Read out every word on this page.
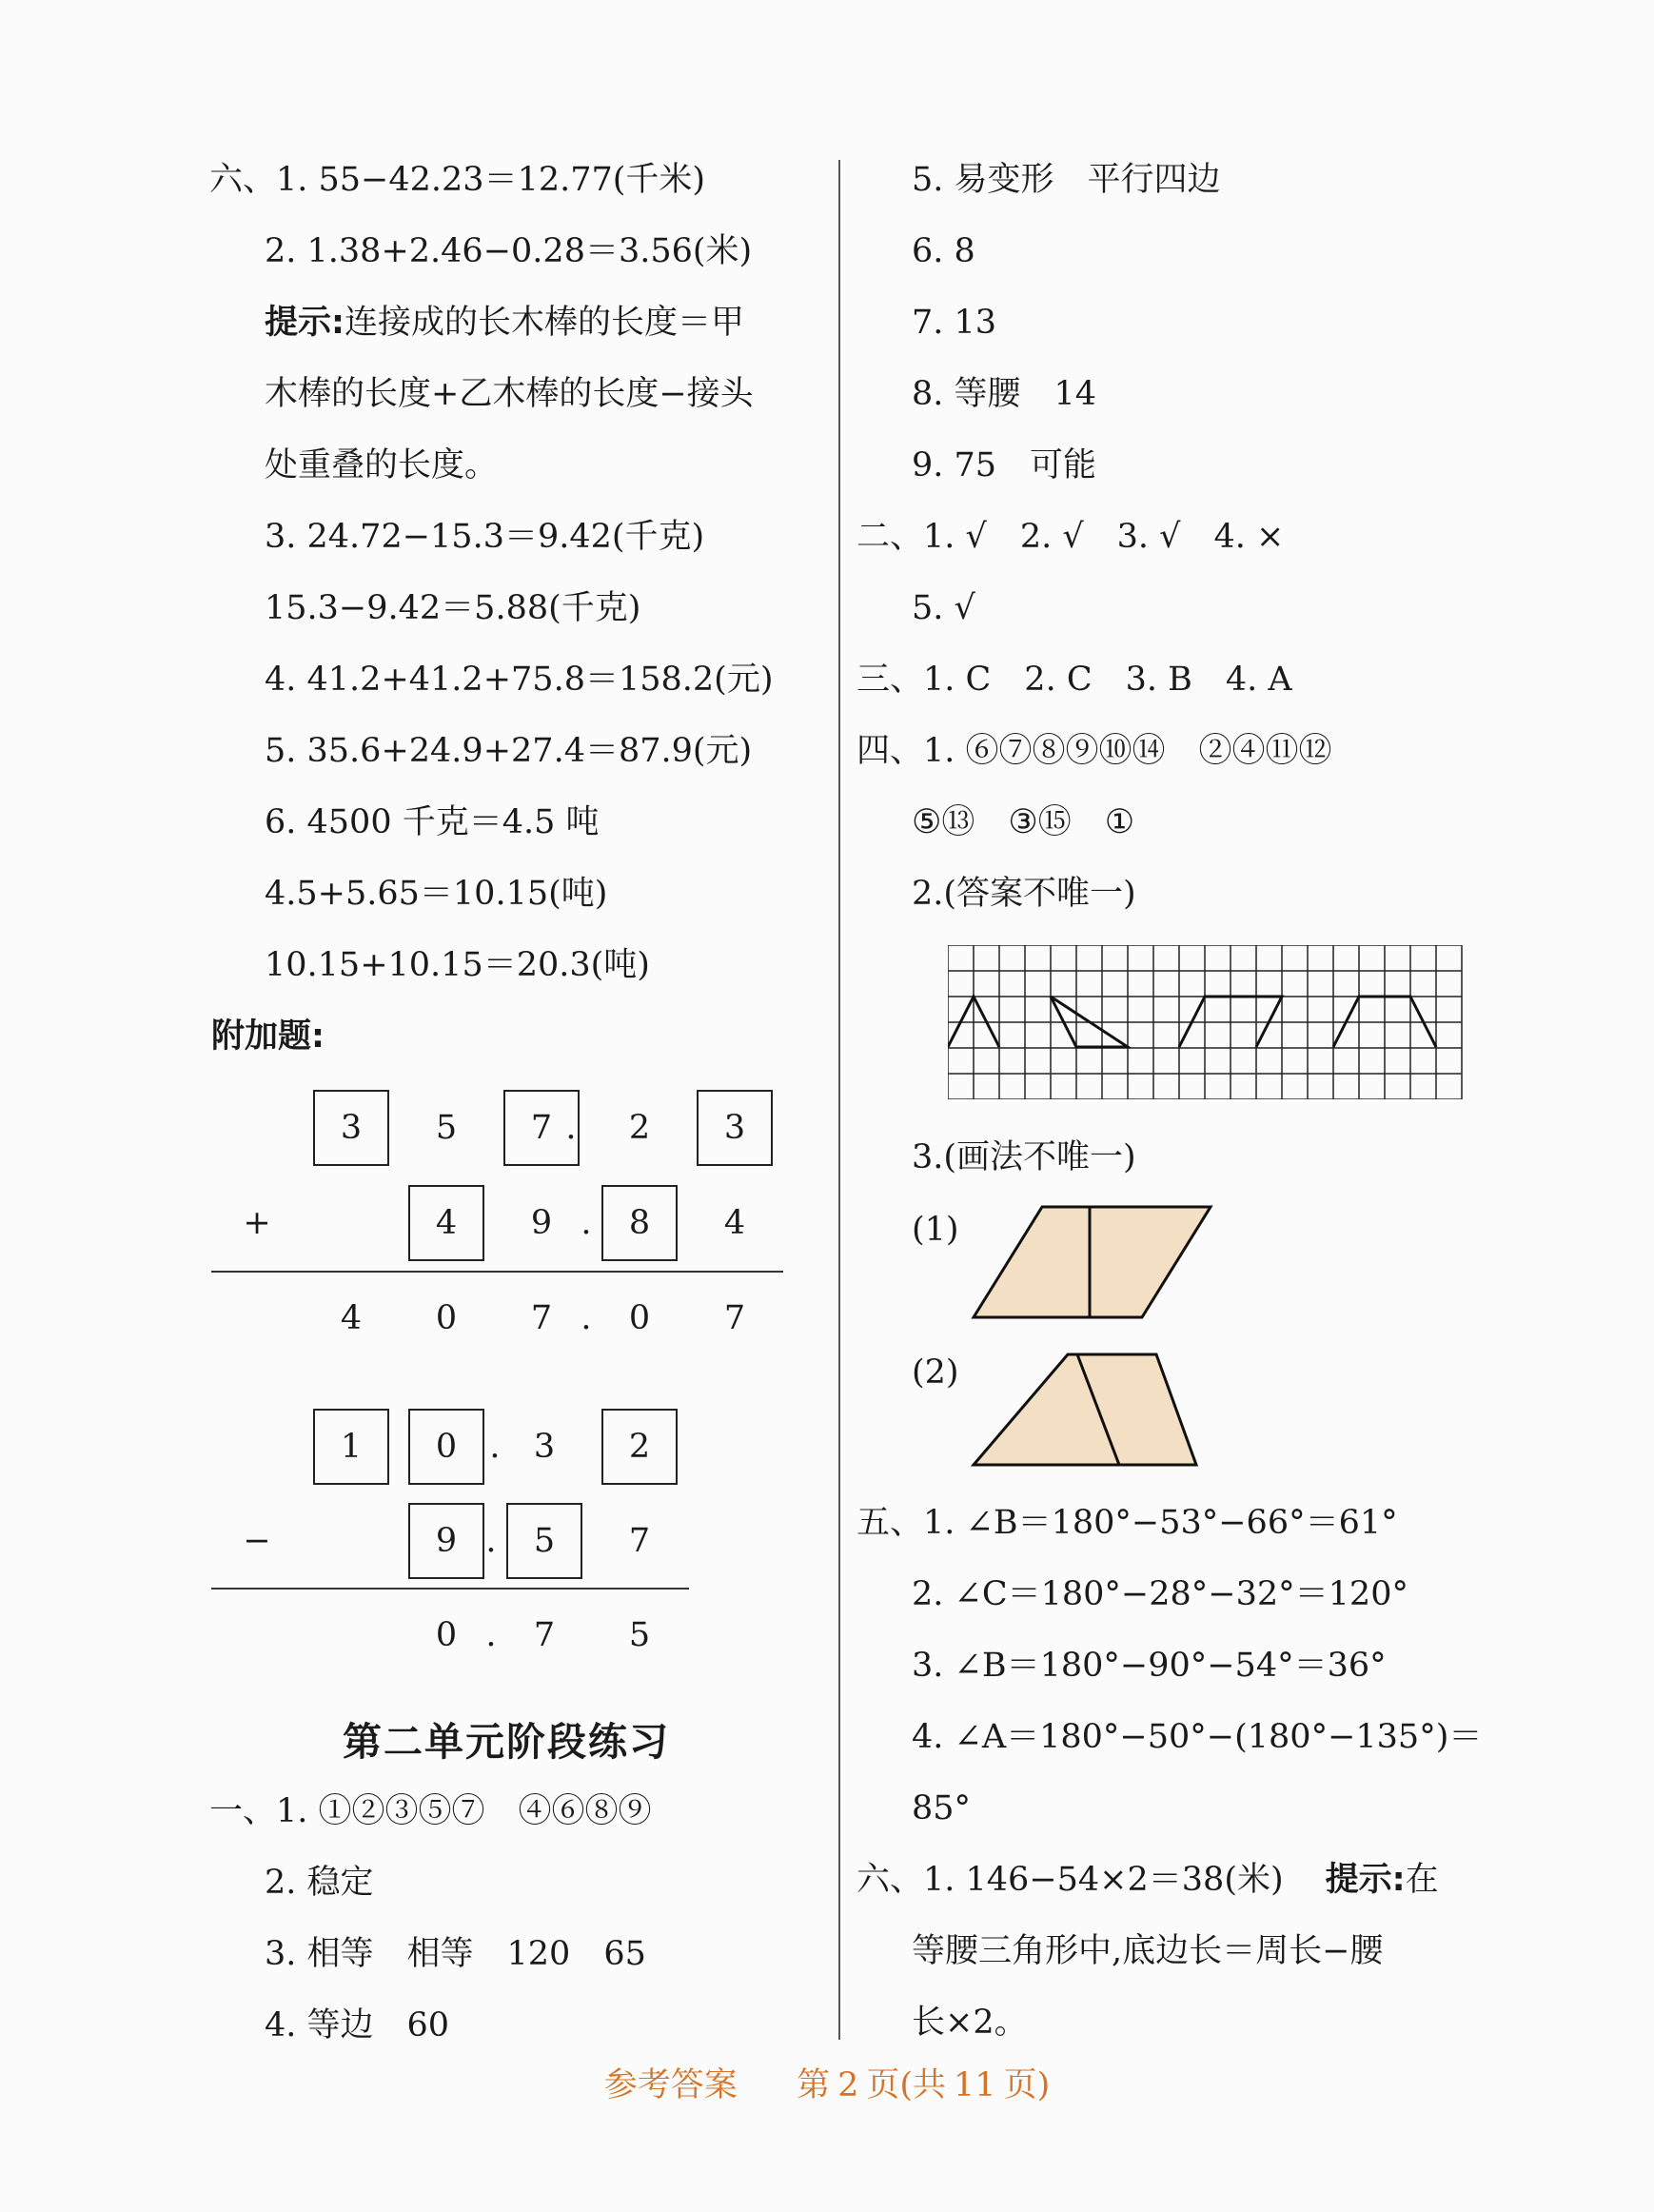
六、1. 55−42.23＝12.77(千米)
2. 1.38+2.46−0.28＝3.56(米)
提示:连接成的长木棒的长度＝甲
木棒的长度+乙木棒的长度−接头
处重叠的长度。
3. 24.72−15.3＝9.42(千克)
15.3−9.42＝5.88(千克)
4. 41.2+41.2+75.8＝158.2(元)
5. 35.6+24.9+27.4＝87.9(元)
6. 4500 千克＝4.5 吨
4.5+5.65＝10.15(吨)
10.15+10.15＝20.3(吨)
附加题:
3	5	7 .	2	3
+	4	9 .	8	4
4	0	7 .	0	7
1	0 .	3	2
−	9 .	5	7
0 .	7	5
第二单元阶段练习
一、1. ①②③⑤⑦　④⑥⑧⑨
2. 稳定
3. 相等　相等　120　65
4. 等边　60
5. 易变形　平行四边
6. 8
7. 13
8. 等腰　14
9. 75　可能
二、1. √　2. √　3. √　4. ×
5. √
三、1. C　2. C　3. B　4. A
四、1. ⑥⑦⑧⑨⑩⑭　②④⑪⑫
⑤⑬　③⑮　①
2.(答案不唯一)
3.(画法不唯一)
(1)
(2)
五、1. ∠B＝180°−53°−66°＝61°
2. ∠C＝180°−28°−32°＝120°
3. ∠B＝180°−90°−54°＝36°
4. ∠A＝180°−50°−(180°−135°)＝
85°
六、1. 146−54×2＝38(米) 提示:在
等腰三角形中,底边长＝周长−腰
长×2。
参考答案 第 2 页(共 11 页)
